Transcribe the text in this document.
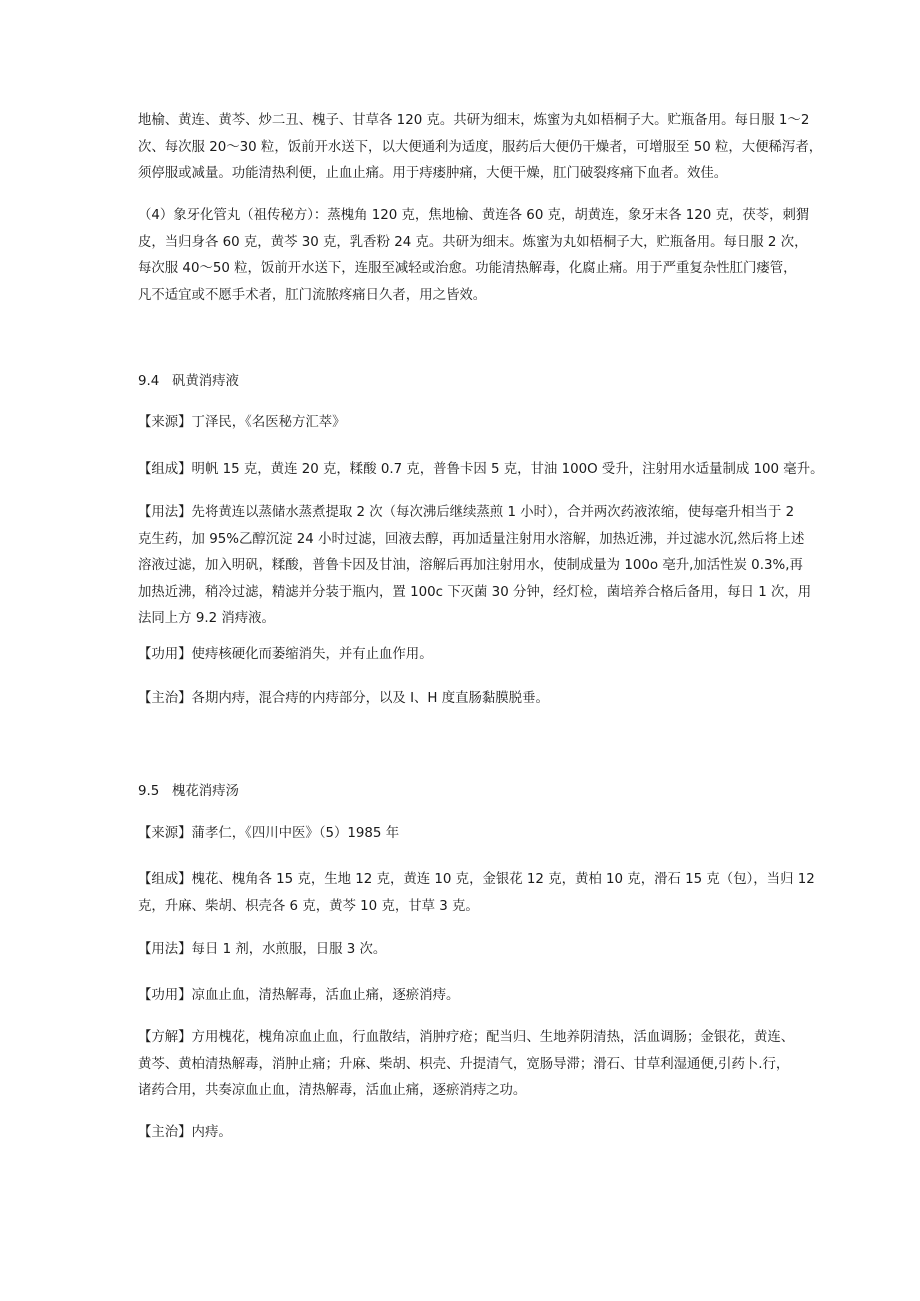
地榆、黄连、黄芩、炒二丑、槐子、甘草各 120 克。共研为细末，炼蜜为丸如梧桐子大。贮瓶备用。每日服 1～2
次、每次服 20～30 粒，饭前开水送下，以大便通利为适度，服药后大便仍干燥者，可增服至 50 粒，大便稀泻者，
须停服或减量。功能清热利便，止血止痛。用于痔瘘肿痛，大便干燥，肛门破裂疼痛下血者。效佳。
（4）象牙化管丸（祖传秘方）：蒸槐角 120 克，焦地榆、黄连各 60 克，胡黄连，象牙末各 120 克，茯苓，刺猬
皮，当归身各 60 克，黄芩 30 克，乳香粉 24 克。共研为细末。炼蜜为丸如梧桐子大，贮瓶备用。每日服 2 次，
每次服 40～50 粒，饭前开水送下，连服至减轻或治愈。功能清热解毒，化腐止痛。用于严重复杂性肛门瘘管，
凡不适宜或不愿手术者，肛门流脓疼痛日久者，用之皆效。
9.4 矾黄消痔液
【来源】丁泽民，《名医秘方汇萃》
【组成】明帆 15 克，黄连 20 克，糅酸 0.7 克，普鲁卡因 5 克，甘油 100O 受升，注射用水适量制成 100 毫升。
【用法】先将黄连以蒸储水蒸煮提取 2 次（每次沸后继续蒸煎 1 小时），合并两次药液浓缩，使每毫升相当于 2
克生药，加 95%乙醇沉淀 24 小时过滤，回液去醇，再加适量注射用水溶解，加热近沸，并过滤水沉,然后将上述
溶液过滤，加入明矾，糅酸，普鲁卡因及甘油，溶解后再加注射用水，使制成量为 100o 亳升,加活性炭 0.3%,再
加热近沸，稍冷过滤，精滤并分装于瓶内，置 100c 下灭菌 30 分钟，经灯检，菌培养合格后备用，每日 1 次，用
法同上方 9.2 消痔液。
【功用】使痔核硬化而萎缩消失，并有止血作用。
【主治】各期内痔，混合痔的内痔部分，以及 I、H 度直肠黏膜脱垂。
9.5 槐花消痔汤
【来源】蒲孝仁，《四川中医》（5）1985 年
【组成】槐花、槐角各 15 克，生地 12 克，黄连 10 克，金银花 12 克，黄柏 10 克，滑石 15 克（包），当归 12
克，升麻、柴胡、枳壳各 6 克，黄芩 10 克，甘草 3 克。
【用法】每日 1 剂，水煎服，日服 3 次。
【功用】凉血止血，清热解毒，活血止痛，逐瘀消痔。
【方解】方用槐花，槐角凉血止血，行血散结，消肿疗疮；配当归、生地养阴清热，活血调肠；金银花，黄连、
黄芩、黄柏清热解毒，消肿止痛；升麻、柴胡、枳壳、升提清气，宽肠导滞；滑石、甘草利湿通便,引药卜.行，
诸药合用，共奏凉血止血，清热解毒，活血止痛，逐瘀消痔之功。
【主治】内痔。
